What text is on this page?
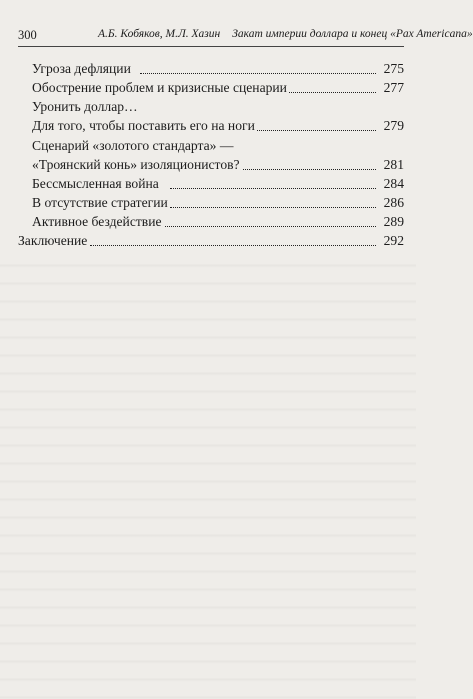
300	А.Б. Кобяков, М.Л. Хазин Закат империи доллара и конец «Pax Americana»
Угроза дефляции	275
Обострение проблем и кризисные сценарии	277
Уронить доллар…
Для того, чтобы поставить его на ноги	279
Сценарий «золотого стандарта» —
«Троянский конь» изоляционистов?	281
Бессмысленная война	284
В отсутствие стратегии	286
Активное бездействие	289
Заключение	292
